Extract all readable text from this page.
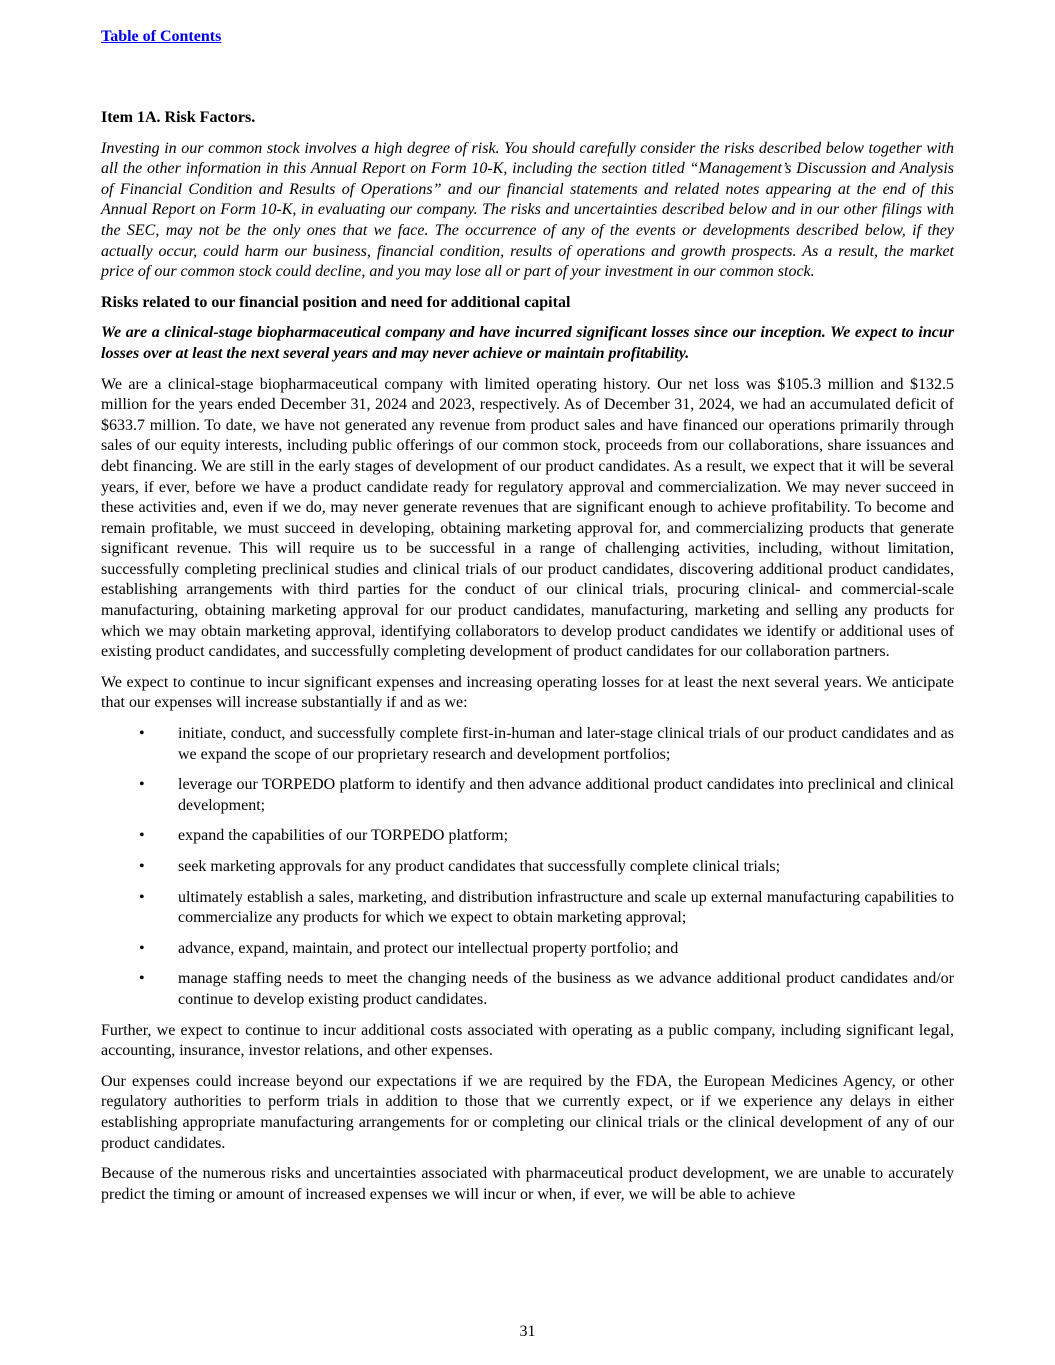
Table of Contents
Item 1A. Risk Factors.

Investing in our common stock involves a high degree of risk. You should carefully consider the risks described below together with all the other information in this Annual Report on Form 10-K, including the section titled “Management’s Discussion and Analysis of Financial Condition and Results of Operations” and our financial statements and related notes appearing at the end of this Annual Report on Form 10-K, in evaluating our company. The risks and uncertainties described below and in our other filings with the SEC, may not be the only ones that we face. The occurrence of any of the events or developments described below, if they actually occur, could harm our business, financial condition, results of operations and growth prospects. As a result, the market price of our common stock could decline, and you may lose all or part of your investment in our common stock.

Risks related to our financial position and need for additional capital

We are a clinical-stage biopharmaceutical company and have incurred significant losses since our inception. We expect to incur losses over at least the next several years and may never achieve or maintain profitability.

We are a clinical-stage biopharmaceutical company with limited operating history. Our net loss was $105.3 million and $132.5 million for the years ended December 31, 2024 and 2023, respectively. As of December 31, 2024, we had an accumulated deficit of $633.7 million. To date, we have not generated any revenue from product sales and have financed our operations primarily through sales of our equity interests, including public offerings of our common stock, proceeds from our collaborations, share issuances and debt financing. We are still in the early stages of development of our product candidates. As a result, we expect that it will be several years, if ever, before we have a product candidate ready for regulatory approval and commercialization. We may never succeed in these activities and, even if we do, may never generate revenues that are significant enough to achieve profitability. To become and remain profitable, we must succeed in developing, obtaining marketing approval for, and commercializing products that generate significant revenue. This will require us to be successful in a range of challenging activities, including, without limitation, successfully completing preclinical studies and clinical trials of our product candidates, discovering additional product candidates, establishing arrangements with third parties for the conduct of our clinical trials, procuring clinical- and commercial-scale manufacturing, obtaining marketing approval for our product candidates, manufacturing, marketing and selling any products for which we may obtain marketing approval, identifying collaborators to develop product candidates we identify or additional uses of existing product candidates, and successfully completing development of product candidates for our collaboration partners.

We expect to continue to incur significant expenses and increasing operating losses for at least the next several years. We anticipate that our expenses will increase substantially if and as we:

• initiate, conduct, and successfully complete first-in-human and later-stage clinical trials of our product candidates and as we expand the scope of our proprietary research and development portfolios;
• leverage our TORPEDO platform to identify and then advance additional product candidates into preclinical and clinical development;
• expand the capabilities of our TORPEDO platform;
• seek marketing approvals for any product candidates that successfully complete clinical trials;
• ultimately establish a sales, marketing, and distribution infrastructure and scale up external manufacturing capabilities to commercialize any products for which we expect to obtain marketing approval;
• advance, expand, maintain, and protect our intellectual property portfolio; and
• manage staffing needs to meet the changing needs of the business as we advance additional product candidates and/or continue to develop existing product candidates.

Further, we expect to continue to incur additional costs associated with operating as a public company, including significant legal, accounting, insurance, investor relations, and other expenses.

Our expenses could increase beyond our expectations if we are required by the FDA, the European Medicines Agency, or other regulatory authorities to perform trials in addition to those that we currently expect, or if we experience any delays in either establishing appropriate manufacturing arrangements for or completing our clinical trials or the clinical development of any of our product candidates.

Because of the numerous risks and uncertainties associated with pharmaceutical product development, we are unable to accurately predict the timing or amount of increased expenses we will incur or when, if ever, we will be able to achieve

31
